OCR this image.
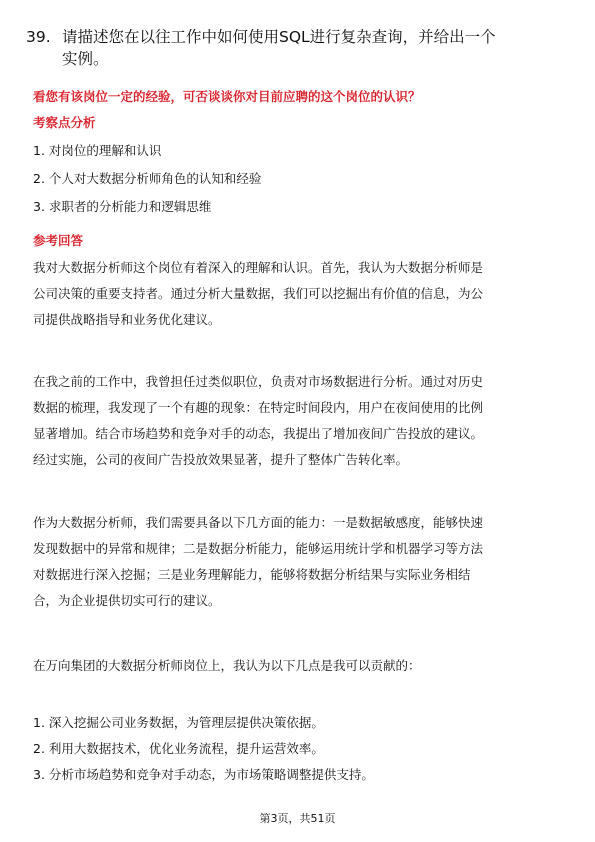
39. 请描述您在以往工作中如何使用SQL进行复杂查询，并给出一个
实例。

看您有该岗位一定的经验，可否谈谈你对目前应聘的这个岗位的认识？

考察点分析

1. 对岗位的理解和认识

2. 个人对大数据分析师角色的认知和经验

3. 求职者的分析能力和逻辑思维

参考回答

我对大数据分析师这个岗位有着深入的理解和认识。首先，我认为大数据分析师是
公司决策的重要支持者。通过分析大量数据，我们可以挖掘出有价值的信息，为公
司提供战略指导和业务优化建议。
在我之前的工作中，我曾担任过类似职位，负责对市场数据进行分析。通过对历史
数据的梳理，我发现了一个有趣的现象：在特定时间段内，用户在夜间使用的比例
显著增加。结合市场趋势和竞争对手的动态，我提出了增加夜间广告投放的建议。
经过实施，公司的夜间广告投放效果显著，提升了整体广告转化率。
作为大数据分析师，我们需要具备以下几方面的能力：一是数据敏感度，能够快速
发现数据中的异常和规律；二是数据分析能力，能够运用统计学和机器学习等方法
对数据进行深入挖掘；三是业务理解能力，能够将数据分析结果与实际业务相结
合，为企业提供切实可行的建议。
在万向集团的大数据分析师岗位上，我认为以下几点是我可以贡献的：
1. 深入挖掘公司业务数据，为管理层提供决策依据。
2. 利用大数据技术，优化业务流程，提升运营效率。
3. 分析市场趋势和竞争对手动态，为市场策略调整提供支持。
第3页，共51页
